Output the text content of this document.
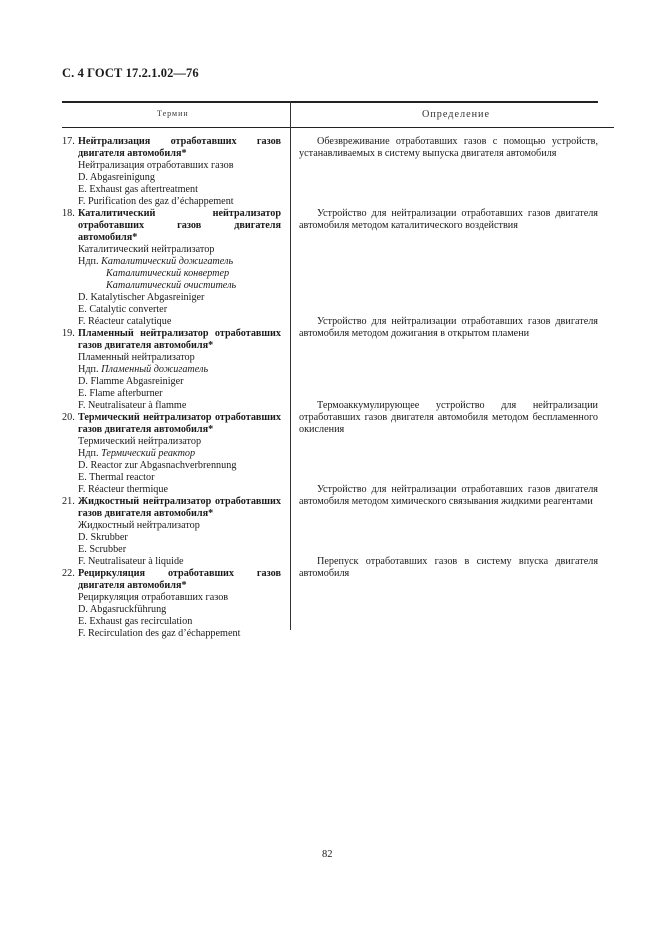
С. 4 ГОСТ 17.2.1.02—76
Термин	Определение
17. Нейтрализация отработавших газов двигателя автомобиля*
Нейтрализация отработавших газов
D. Abgasreinigung
E. Exhaust gas aftertreatment
F. Purification des gaz d’échappement
18. Каталитический нейтрализатор отработавших газов двигателя автомобиля*
Каталитический нейтрализатор
Ндп. Каталитический дожигатель
Каталитический конвертер
Каталитический очиститель
D. Katalytischer Abgasreiniger
E. Catalytic converter
F. Réacteur catalytique
19. Пламенный нейтрализатор отработавших газов двигателя автомобиля*
Пламенный нейтрализатор
Ндп. Пламенный дожигатель
D. Flamme Abgasreiniger
E. Flame afterburner
F. Neutralisateur à flamme
20. Термический нейтрализатор отработавших газов двигателя автомобиля*
Термический нейтрализатор
Ндп. Термический реактор
D. Reactor zur Abgasnachverbrennung
E. Thermal reactor
F. Réacteur thermique
21. Жидкостный нейтрализатор отработавших газов двигателя автомобиля*
Жидкостный нейтрализатор
D. Skrubber
E. Scrubber
F. Neutralisateur à liquide
22. Рециркуляция отработавших газов двигателя автомобиля*
Рециркуляция отработавших газов
D. Abgasruckführung
E. Exhaust gas recirculation
F. Recirculation des gaz d’échappement
Обезвреживание отработавших газов с помощью устройств, устанавливаемых в систему выпуска двигателя автомобиля
Устройство для нейтрализации отработавших газов двигателя автомобиля методом каталитического воздействия
Устройство для нейтрализации отработавших газов двигателя автомобиля методом дожигания в открытом пламени
Термоаккумулирующее устройство для нейтрализации отработавших газов двигателя автомобиля методом беспламенного окисления
Устройство для нейтрализации отработавших газов двигателя автомобиля методом химического связывания жидкими реагентами
Перепуск отработавших газов в систему впуска двигателя автомобиля
82
